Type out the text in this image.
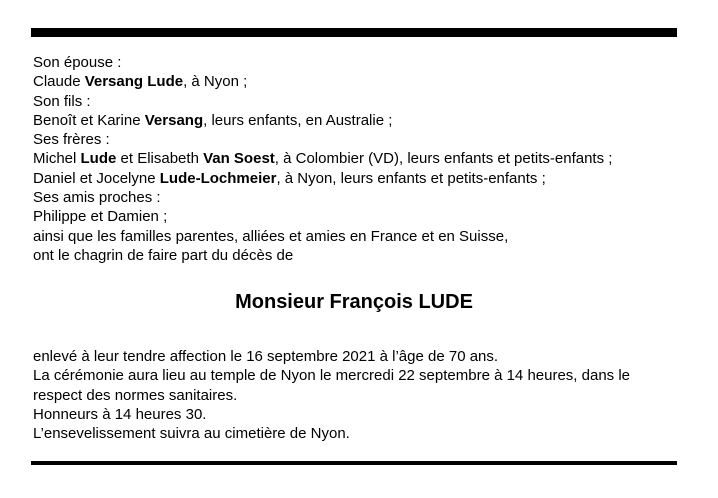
Son épouse :

Claude Versang Lude, à Nyon ;

Son fils :

Benoît et Karine Versang, leurs enfants, en Australie ;

Ses frères :

Michel Lude et Elisabeth Van Soest, à Colombier (VD), leurs enfants et petits-enfants ;

Daniel et Jocelyne Lude-Lochmeier, à Nyon, leurs enfants et petits-enfants ;

Ses amis proches :

Philippe et Damien ;

ainsi que les familles parentes, alliées et amies en France et en Suisse,

ont le chagrin de faire part du décès de

Monsieur François LUDE

enlevé à leur tendre affection le 16 septembre 2021 à l’âge de 70 ans.

La cérémonie aura lieu au temple de Nyon le mercredi 22 septembre à 14 heures, dans le respect des normes sanitaires.

Honneurs à 14 heures 30.

L’ensevelissement suivra au cimetière de Nyon.
